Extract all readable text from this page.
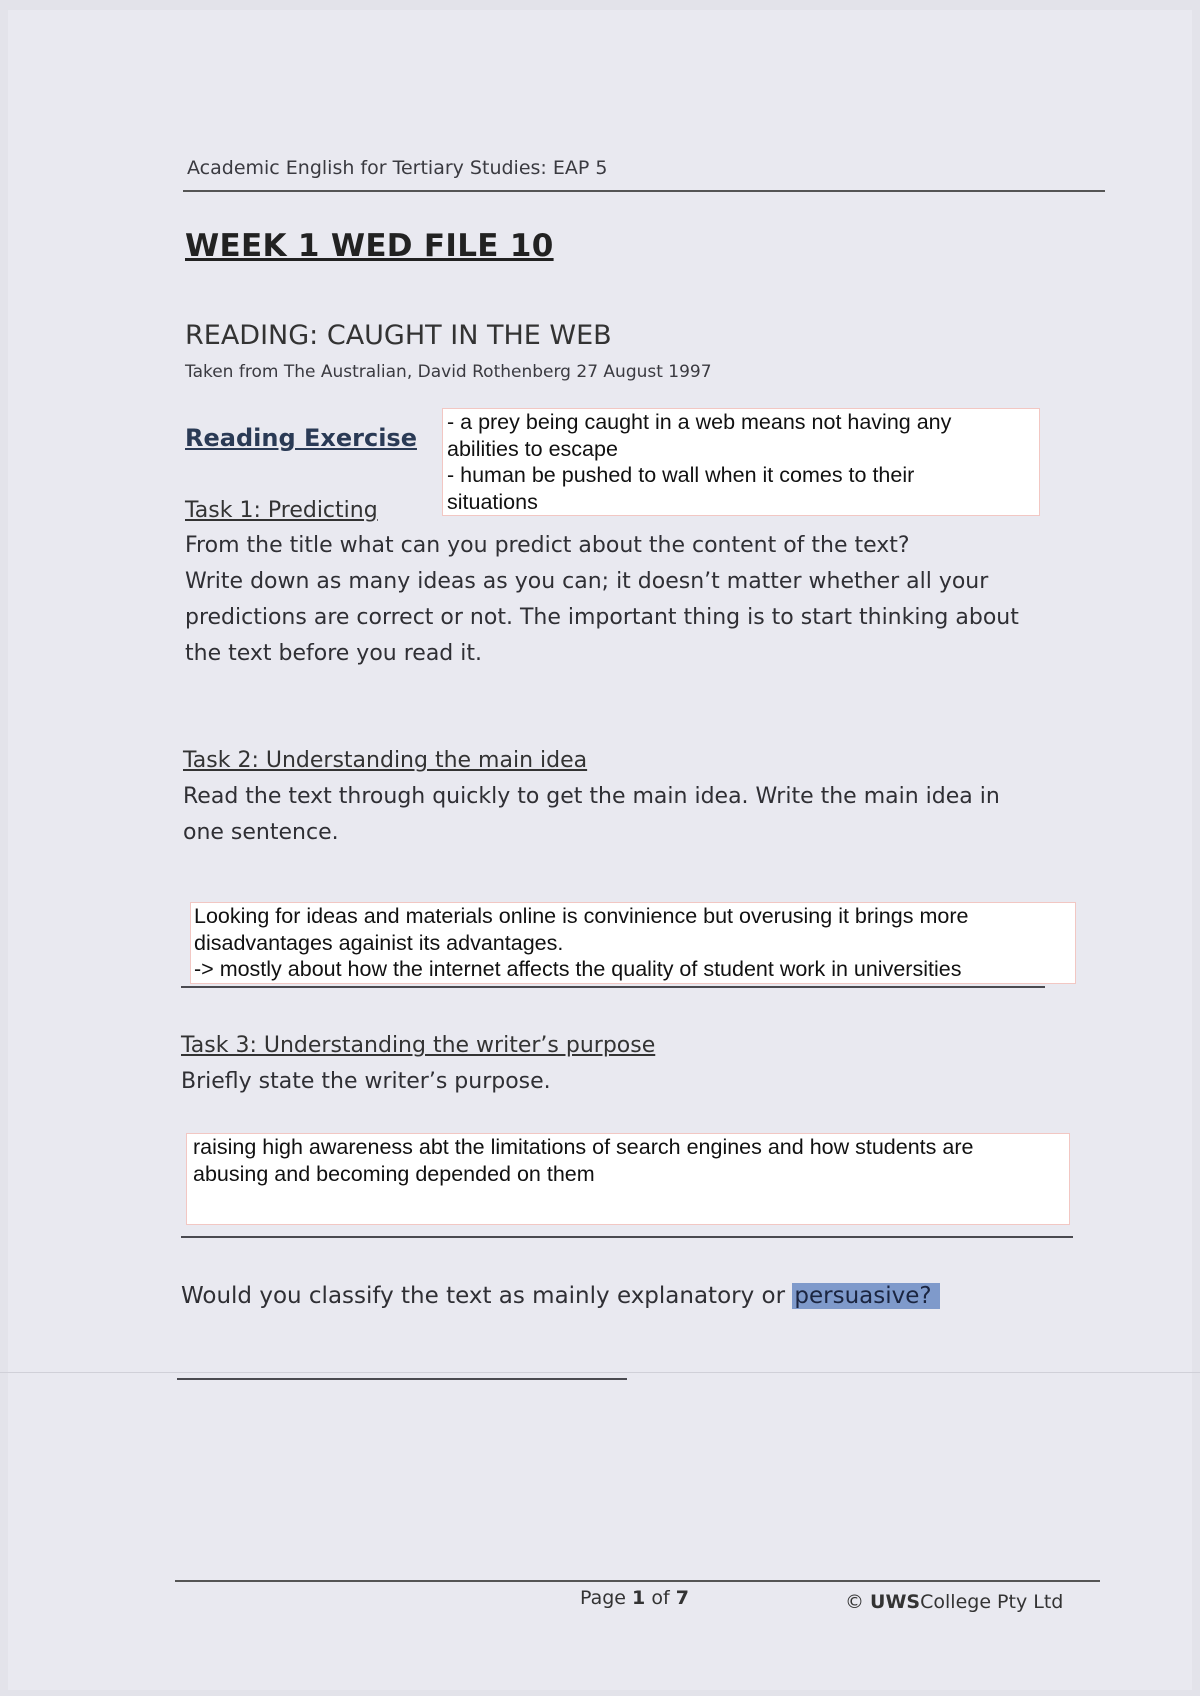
Academic English for Tertiary Studies: EAP 5
WEEK 1 WED FILE 10
READING: CAUGHT IN THE WEB
Taken from The Australian, David Rothenberg 27 August 1997
Reading Exercise
- a prey being caught in a web means not having any
abilities to escape
- human be pushed to wall when it comes to their
situations
Task 1: Predicting
From the title what can you predict about the content of the text?
Write down as many ideas as you can; it doesn’t matter whether all your
predictions are correct or not. The important thing is to start thinking about
the text before you read it.
Task 2: Understanding the main idea
Read the text through quickly to get the main idea. Write the main idea in
one sentence.
Looking for ideas and materials online is convinience but overusing it brings more
disadvantages againist its advantages.
-> mostly about how the internet affects the quality of student work in universities
Task 3: Understanding the writer’s purpose
Briefly state the writer’s purpose.
raising high awareness abt the limitations of search engines and how students are
abusing and becoming depended on them
Would you classify the text as mainly explanatory or persuasive?
Page 1 of 7	© UWSCollege Pty Ltd
